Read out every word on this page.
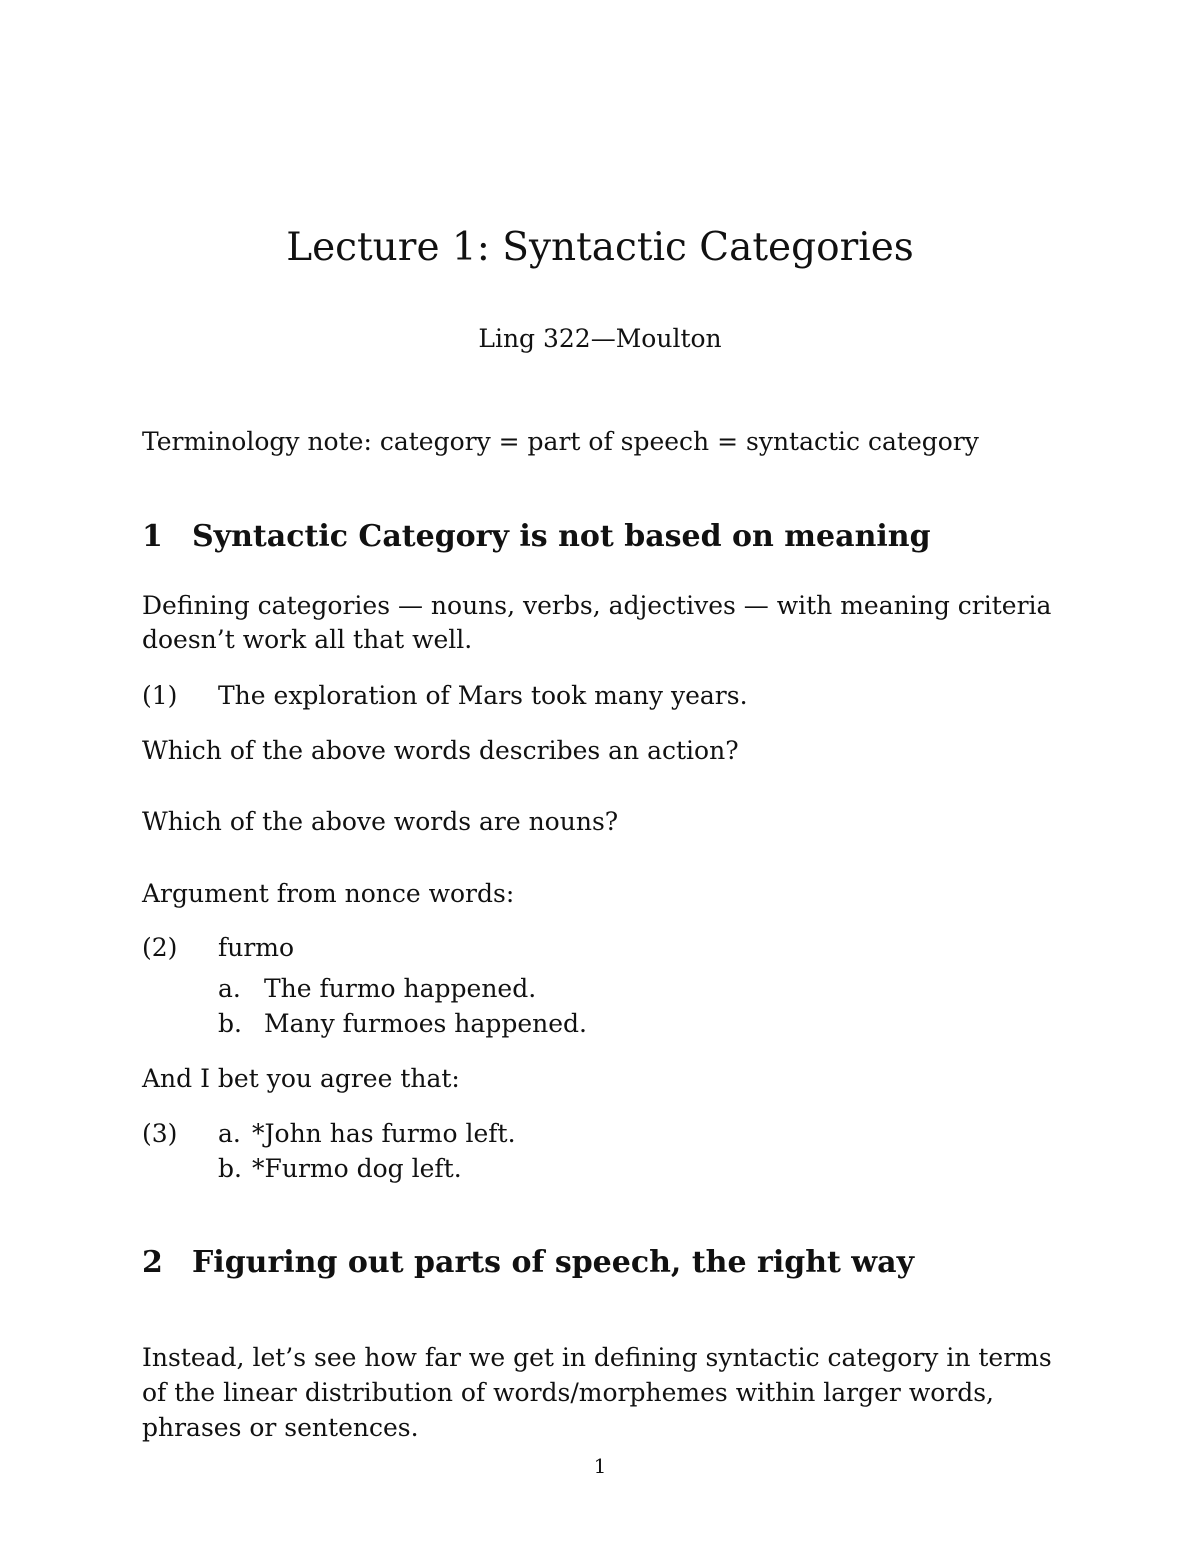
Lecture 1: Syntactic Categories
Ling 322—Moulton
Terminology note: category = part of speech = syntactic category
1 Syntactic Category is not based on meaning
Defining categories — nouns, verbs, adjectives — with meaning criteria
doesn’t work all that well.
(1) The exploration of Mars took many years.
Which of the above words describes an action?
Which of the above words are nouns?
Argument from nonce words:
(2) furmo
a. The furmo happened.
b. Many furmoes happened.
And I bet you agree that:
(3) a. *John has furmo left.
b. *Furmo dog left.
2 Figuring out parts of speech, the right way

Instead, let’s see how far we get in defining syntactic category in terms of the linear distribution of words/morphemes within larger words, phrases or sentences.

1
